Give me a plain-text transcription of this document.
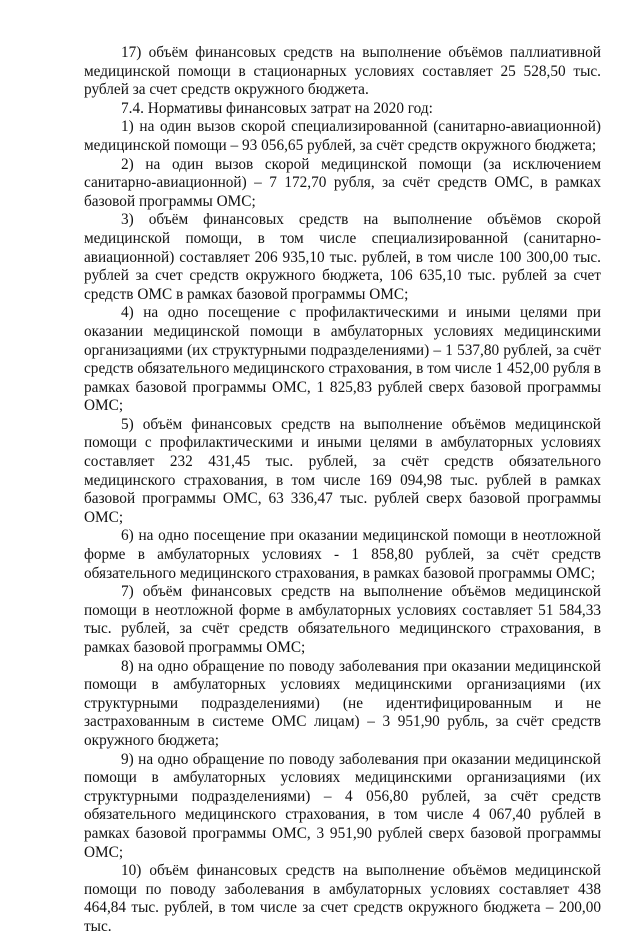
17) объём финансовых средств на выполнение объёмов паллиативной медицинской помощи в стационарных условиях составляет 25 528,50 тыс. рублей за счет средств окружного бюджета.

7.4. Нормативы финансовых затрат на 2020 год:

1) на один вызов скорой специализированной (санитарно-авиационной) медицинской помощи – 93 056,65 рублей, за счёт средств окружного бюджета;

2) на один вызов скорой медицинской помощи (за исключением санитарно-авиационной) – 7 172,70 рубля, за счёт средств ОМС, в рамках базовой программы ОМС;

3) объём финансовых средств на выполнение объёмов скорой медицинской помощи, в том числе специализированной (санитарно-авиационной) составляет 206 935,10 тыс. рублей, в том числе 100 300,00 тыс. рублей за счет средств окружного бюджета, 106 635,10 тыс. рублей за счет средств ОМС в рамках базовой программы ОМС;

4) на одно посещение с профилактическими и иными целями при оказании медицинской помощи в амбулаторных условиях медицинскими организациями (их структурными подразделениями) – 1 537,80 рублей, за счёт средств обязательного медицинского страхования, в том числе 1 452,00 рубля в рамках базовой программы ОМС, 1 825,83 рублей сверх базовой программы ОМС;

5) объём финансовых средств на выполнение объёмов медицинской помощи с профилактическими и иными целями в амбулаторных условиях составляет 232 431,45 тыс. рублей, за счёт средств обязательного медицинского страхования, в том числе 169 094,98 тыс. рублей в рамках базовой программы ОМС, 63 336,47 тыс. рублей сверх базовой программы ОМС;

6) на одно посещение при оказании медицинской помощи в неотложной форме в амбулаторных условиях - 1 858,80 рублей, за счёт средств обязательного медицинского страхования, в рамках базовой программы ОМС;

7) объём финансовых средств на выполнение объёмов медицинской помощи в неотложной форме в амбулаторных условиях составляет 51 584,33 тыс. рублей, за счёт средств обязательного медицинского страхования, в рамках базовой программы ОМС;

8) на одно обращение по поводу заболевания при оказании медицинской помощи в амбулаторных условиях медицинскими организациями (их структурными подразделениями) (не идентифицированным и не застрахованным в системе ОМС лицам) – 3 951,90 рубль, за счёт средств окружного бюджета;

9) на одно обращение по поводу заболевания при оказании медицинской помощи в амбулаторных условиях медицинскими организациями (их структурными подразделениями) – 4 056,80 рублей, за счёт средств обязательного медицинского страхования, в том числе 4 067,40 рублей в рамках базовой программы ОМС, 3 951,90 рублей сверх базовой программы ОМС;

10) объём финансовых средств на выполнение объёмов медицинской помощи по поводу заболевания в амбулаторных условиях составляет 438 464,84 тыс. рублей, в том числе за счет средств окружного бюджета – 200,00 тыс.
